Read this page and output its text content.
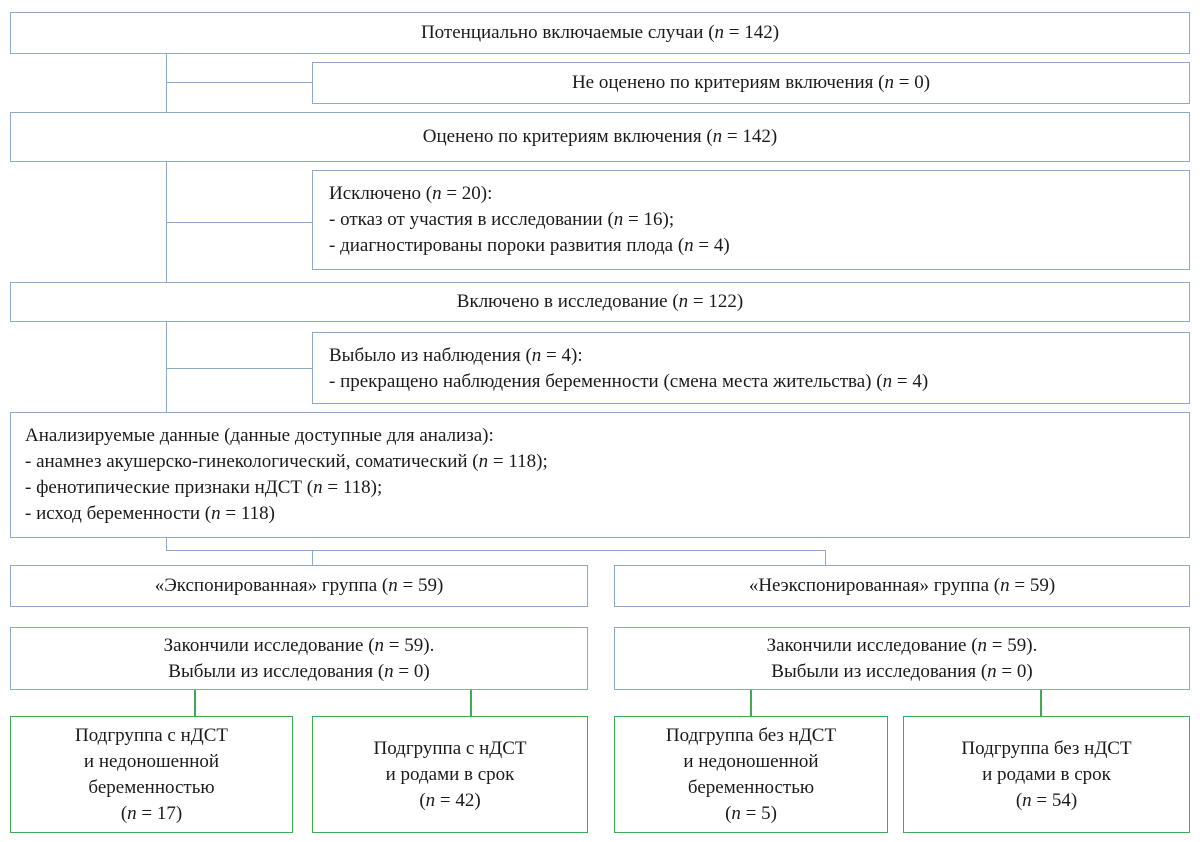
Потенциально включаемые случаи (n = 142)
Не оценено по критериям включения (n = 0)
Оценено по критериям включения (n = 142)
Исключено (n = 20):
- отказ от участия в исследовании (n = 16);
- диагностированы пороки развития плода (n = 4)
Включено в исследование (n = 122)
Выбыло из наблюдения (n = 4):
- прекращено наблюдения беременности (смена места жительства) (n = 4)
Анализируемые данные (данные доступные для анализа):
- анамнез акушерско-гинекологический, соматический (n = 118);
- фенотипические признаки нДСТ (n = 118);
- исход беременности (n = 118)
«Экспонированная» группа (n = 59)	«Неэкспонированная» группа (n = 59)
Закончили исследование (n = 59).
Выбыли из исследования (n = 0)
Закончили исследование (n = 59).
Выбыли из исследования (n = 0)
Подгруппа с нДСТ
и недоношенной
беременностью
(n = 17)
Подгруппа с нДСТ
и родами в срок
(n = 42)
Подгруппа без нДСТ
и недоношенной
беременностью
(n = 5)
Подгруппа без нДСТ
и родами в срок
(n = 54)
